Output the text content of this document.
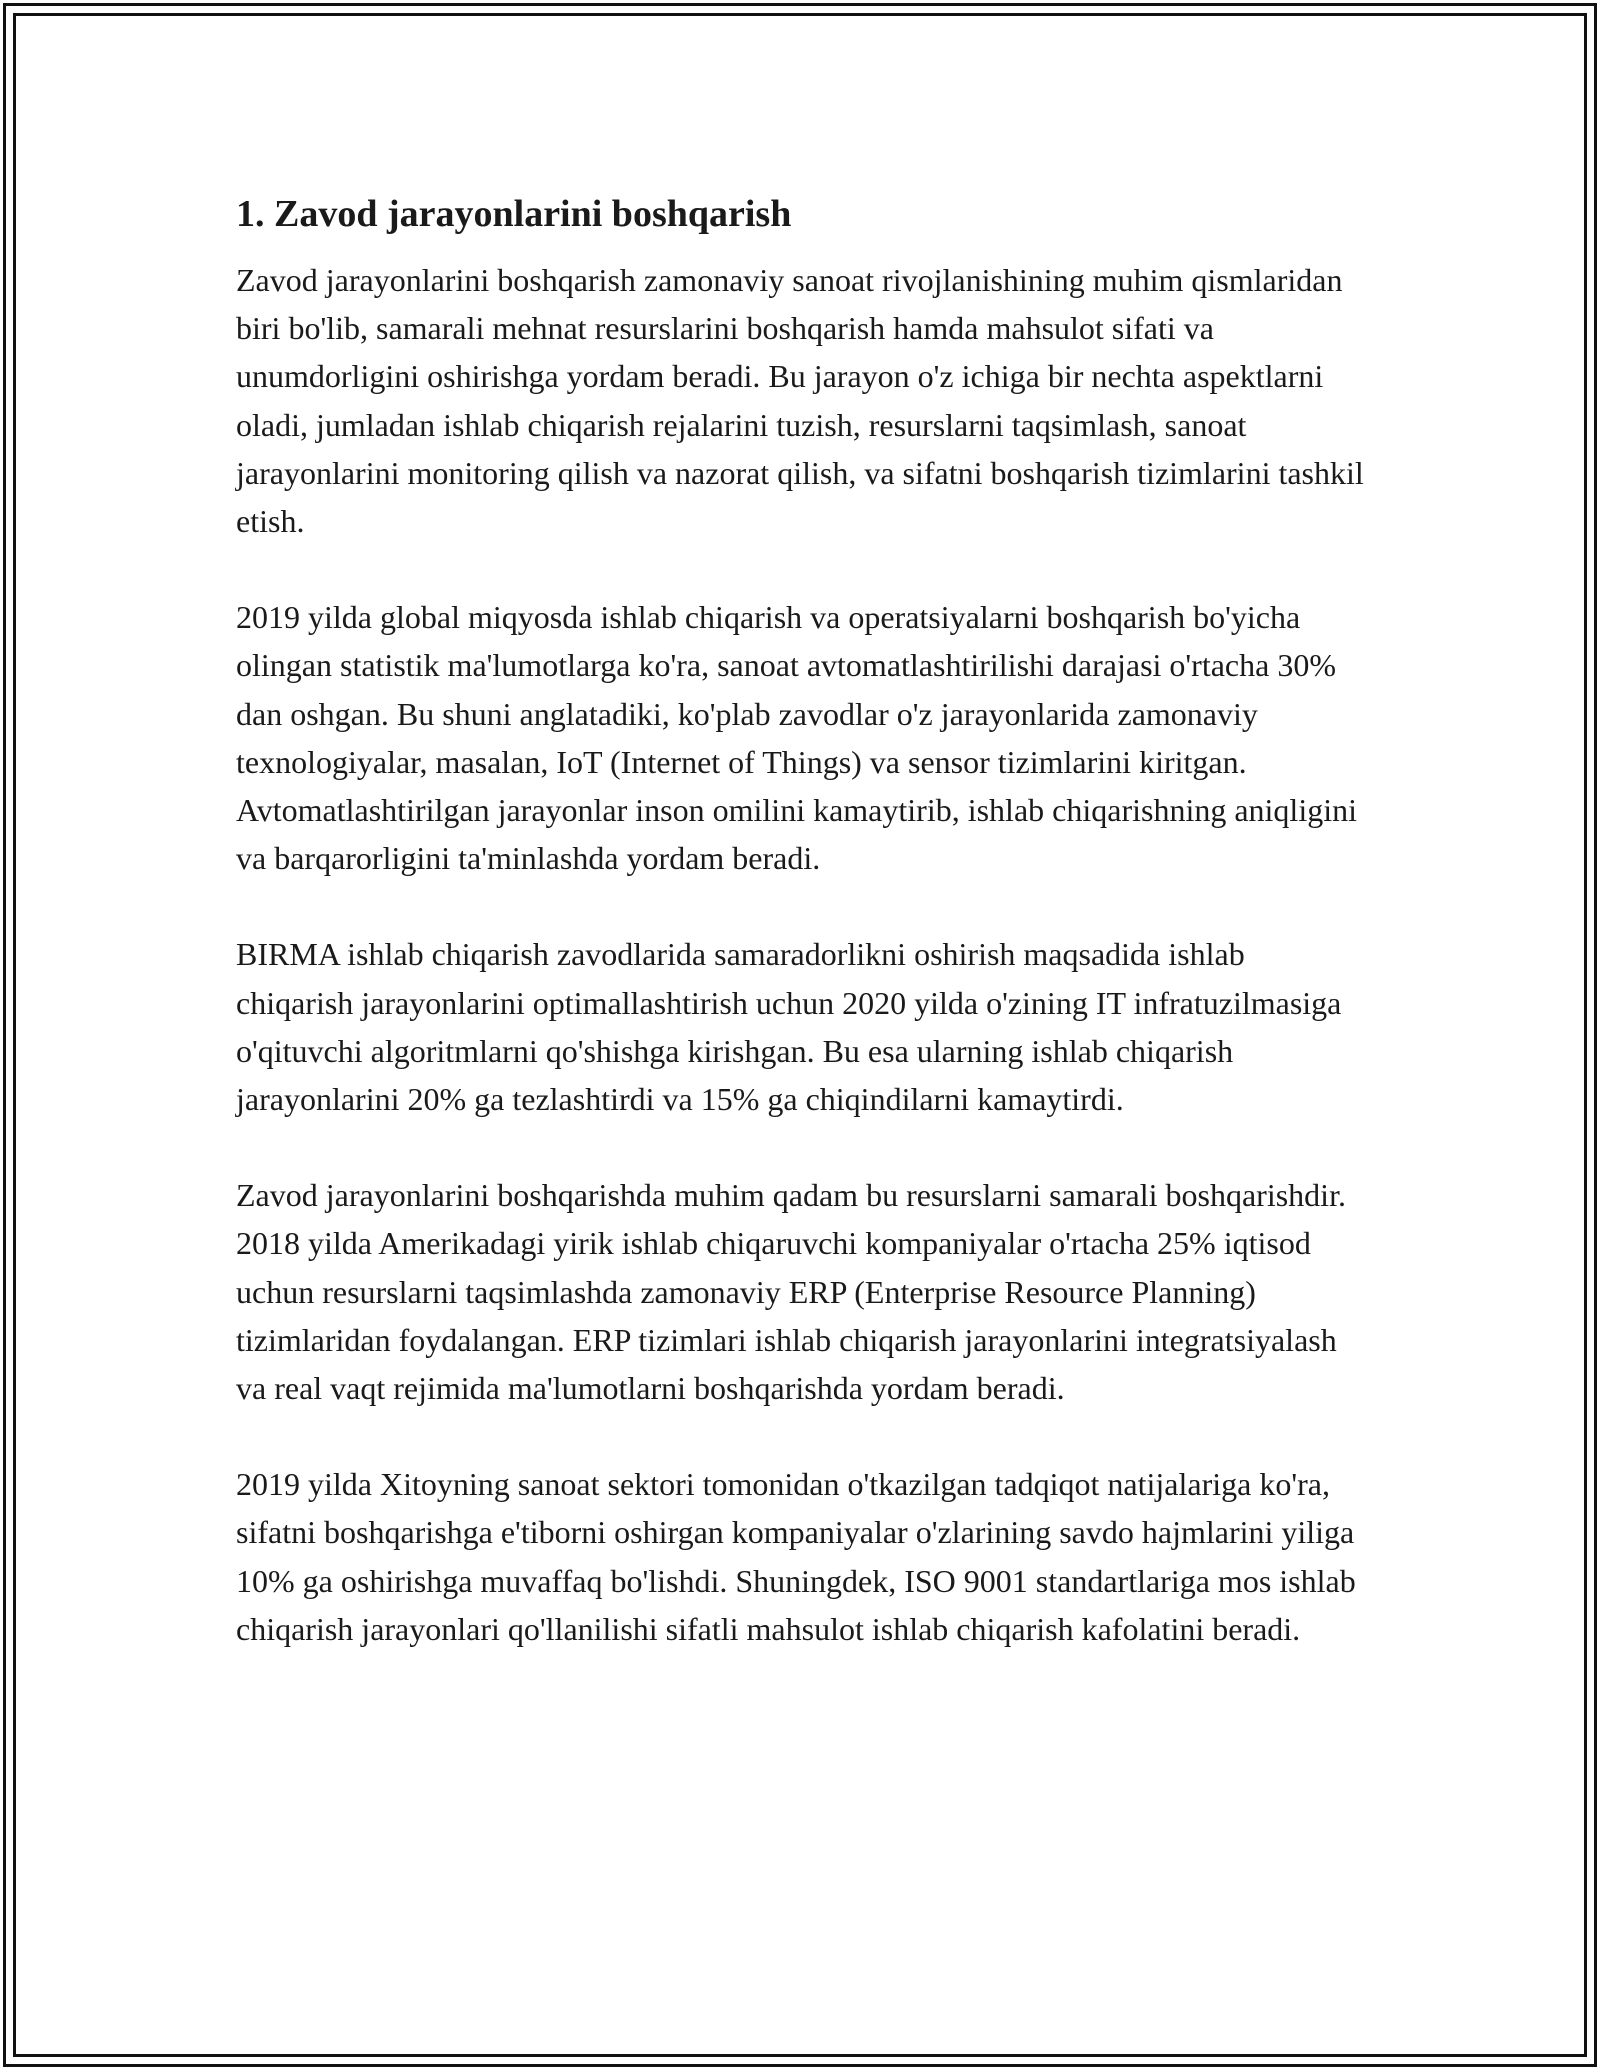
1. Zavod jarayonlarini boshqarish

Zavod jarayonlarini boshqarish zamonaviy sanoat rivojlanishining muhim qismlaridan biri bo'lib, samarali mehnat resurslarini boshqarish hamda mahsulot sifati va unumdorligini oshirishga yordam beradi. Bu jarayon o'z ichiga bir nechta aspektlarni oladi, jumladan ishlab chiqarish rejalarini tuzish, resurslarni taqsimlash, sanoat jarayonlarini monitoring qilish va nazorat qilish, va sifatni boshqarish tizimlarini tashkil etish.

2019 yilda global miqyosda ishlab chiqarish va operatsiyalarni boshqarish bo'yicha olingan statistik ma'lumotlarga ko'ra, sanoat avtomatlashtirilishi darajasi o'rtacha 30% dan oshgan. Bu shuni anglatadiki, ko'plab zavodlar o'z jarayonlarida zamonaviy texnologiyalar, masalan, IoT (Internet of Things) va sensor tizimlarini kiritgan. Avtomatlashtirilgan jarayonlar inson omilini kamaytirib, ishlab chiqarishning aniqligini va barqarorligini ta'minlashda yordam beradi.

BIRMA ishlab chiqarish zavodlarida samaradorlikni oshirish maqsadida ishlab chiqarish jarayonlarini optimallashtirish uchun 2020 yilda o'zining IT infratuzilmasiga o'qituvchi algoritmlarni qo'shishga kirishgan. Bu esa ularning ishlab chiqarish jarayonlarini 20% ga tezlashtirdi va 15% ga chiqindilarni kamaytirdi.

Zavod jarayonlarini boshqarishda muhim qadam bu resurslarni samarali boshqarishdir. 2018 yilda Amerikadagi yirik ishlab chiqaruvchi kompaniyalar o'rtacha 25% iqtisod uchun resurslarni taqsimlashda zamonaviy ERP (Enterprise Resource Planning) tizimlaridan foydalangan. ERP tizimlari ishlab chiqarish jarayonlarini integratsiyalash va real vaqt rejimida ma'lumotlarni boshqarishda yordam beradi.

2019 yilda Xitoyning sanoat sektori tomonidan o'tkazilgan tadqiqot natijalariga ko'ra, sifatni boshqarishga e'tiborni oshirgan kompaniyalar o'zlarining savdo hajmlarini yiliga 10% ga oshirishga muvaffaq bo'lishdi. Shuningdek, ISO 9001 standartlariga mos ishlab chiqarish jarayonlari qo'llanilishi sifatli mahsulot ishlab chiqarish kafolatini beradi.
